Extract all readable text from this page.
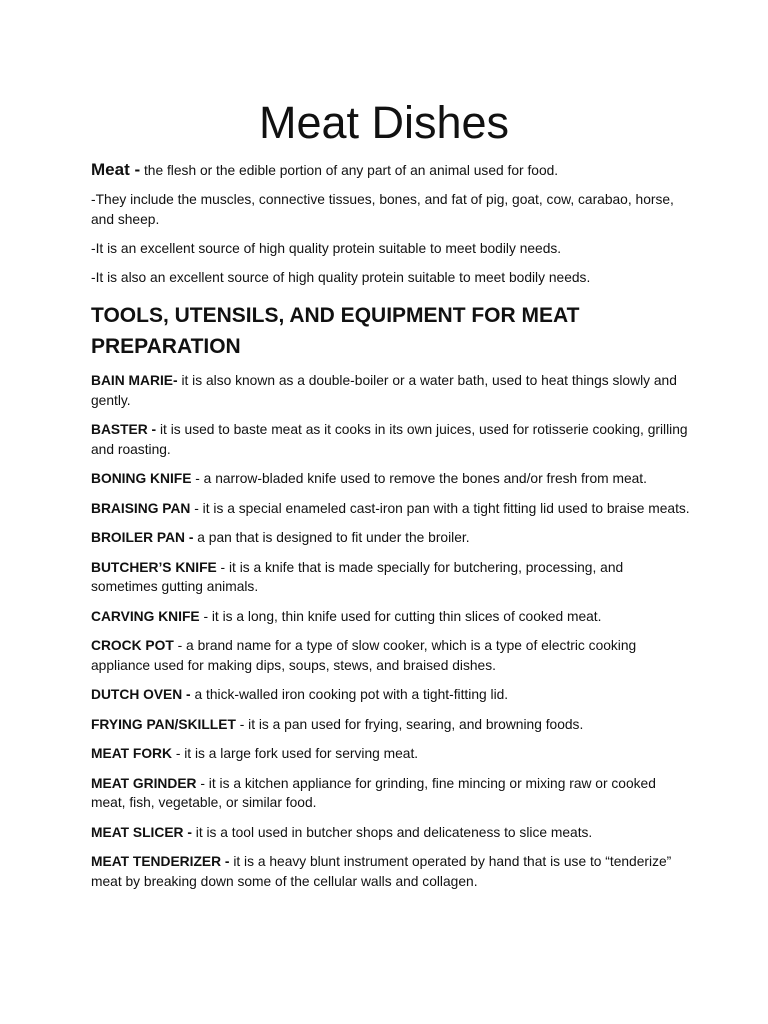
Meat Dishes

Meat - the flesh or the edible portion of any part of an animal used for food.

-They include the muscles, connective tissues, bones, and fat of pig, goat, cow, carabao, horse, and sheep.

-It is an excellent source of high quality protein suitable to meet bodily needs.

-It is also an excellent source of high quality protein suitable to meet bodily needs.

TOOLS, UTENSILS, AND EQUIPMENT FOR MEAT PREPARATION

BAIN MARIE- it is also known as a double-boiler or a water bath, used to heat things slowly and gently.

BASTER - it is used to baste meat as it cooks in its own juices, used for rotisserie cooking, grilling and roasting.

BONING KNIFE - a narrow-bladed knife used to remove the bones and/or fresh from meat.

BRAISING PAN - it is a special enameled cast-iron pan with a tight fitting lid used to braise meats.

BROILER PAN - a pan that is designed to fit under the broiler.

BUTCHER’S KNIFE - it is a knife that is made specially for butchering, processing, and sometimes gutting animals.

CARVING KNIFE - it is a long, thin knife used for cutting thin slices of cooked meat.

CROCK POT - a brand name for a type of slow cooker, which is a type of electric cooking appliance used for making dips, soups, stews, and braised dishes.

DUTCH OVEN - a thick-walled iron cooking pot with a tight-fitting lid.

FRYING PAN/SKILLET - it is a pan used for frying, searing, and browning foods.

MEAT FORK - it is a large fork used for serving meat.

MEAT GRINDER - it is a kitchen appliance for grinding, fine mincing or mixing raw or cooked meat, fish, vegetable, or similar food.

MEAT SLICER - it is a tool used in butcher shops and delicateness to slice meats.

MEAT TENDERIZER - it is a heavy blunt instrument operated by hand that is use to “tenderize” meat by breaking down some of the cellular walls and collagen.
